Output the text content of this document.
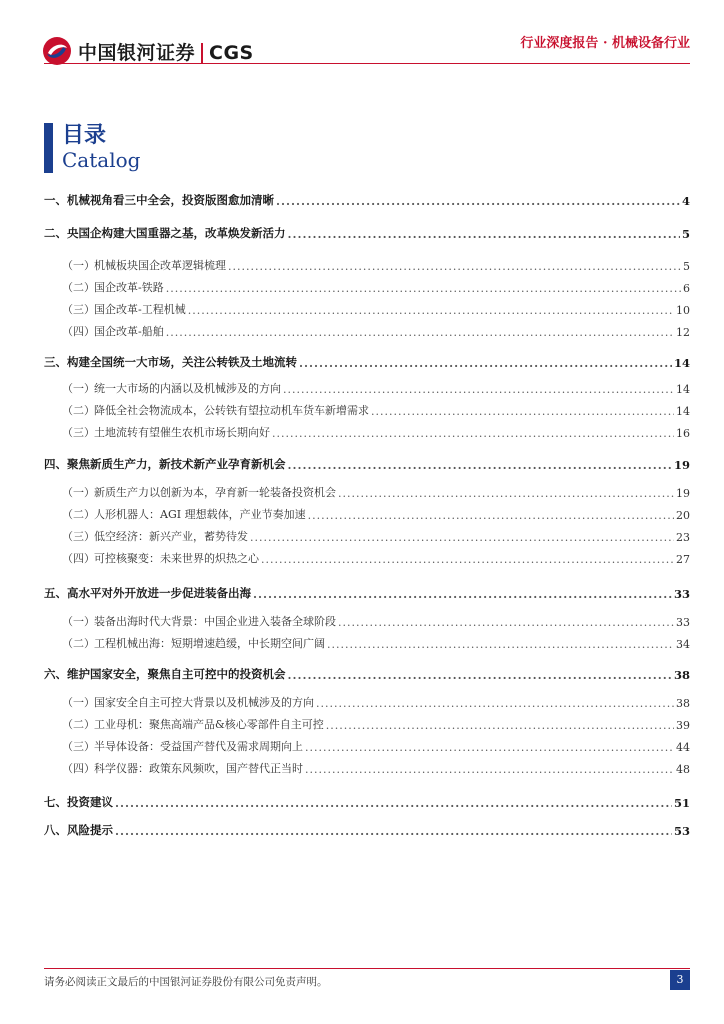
中国银河证券 CGS	行业深度报告 · 机械设备行业
目录
Catalog
一、 机械视角看三中全会，投资版图愈加清晰 .....	4
二、 央国企构建大国重器之基，改革焕发新活力 .....	5
（一） 机械板块国企改革逻辑梳理 .....	5
（二） 国企改革-铁路 .....	6
（三） 国企改革-工程机械 .....	10
（四） 国企改革-船舶 .....	12
三、 构建全国统一大市场，关注公转铁及土地流转 .....	14
（一） 统一大市场的内涵以及机械涉及的方向 .....	14
（二） 降低全社会物流成本，公转铁有望拉动机车货车新增需求 .....	14
（三） 土地流转有望催生农机市场长期向好 .....	16
四、 聚焦新质生产力，新技术新产业孕育新机会 .....	19
（一） 新质生产力以创新为本，孕育新一轮装备投资机会 .....	19
（二） 人形机器人：AGI 理想载体，产业节奏加速 .....	20
（三） 低空经济：新兴产业，蓄势待发 .....	23
（四） 可控核聚变：未来世界的炽热之心 .....	27
五、 高水平对外开放进一步促进装备出海 .....	33
（一） 装备出海时代大背景：中国企业进入装备全球阶段 .....	33
（二） 工程机械出海：短期增速趋缓，中长期空间广阔 .....	34
六、 维护国家安全，聚焦自主可控中的投资机会 .....	38
（一） 国家安全自主可控大背景以及机械涉及的方向 .....	38
（二） 工业母机：聚焦高端产品&核心零部件自主可控 .....	39
（三） 半导体设备：受益国产替代及需求周期向上 .....	44
（四） 科学仪器：政策东风频吹，国产替代正当时 .....	48
七、 投资建议 .....	51
八、 风险提示 .....	53
请务必阅读正文最后的中国银河证券股份有限公司免责声明。	3
